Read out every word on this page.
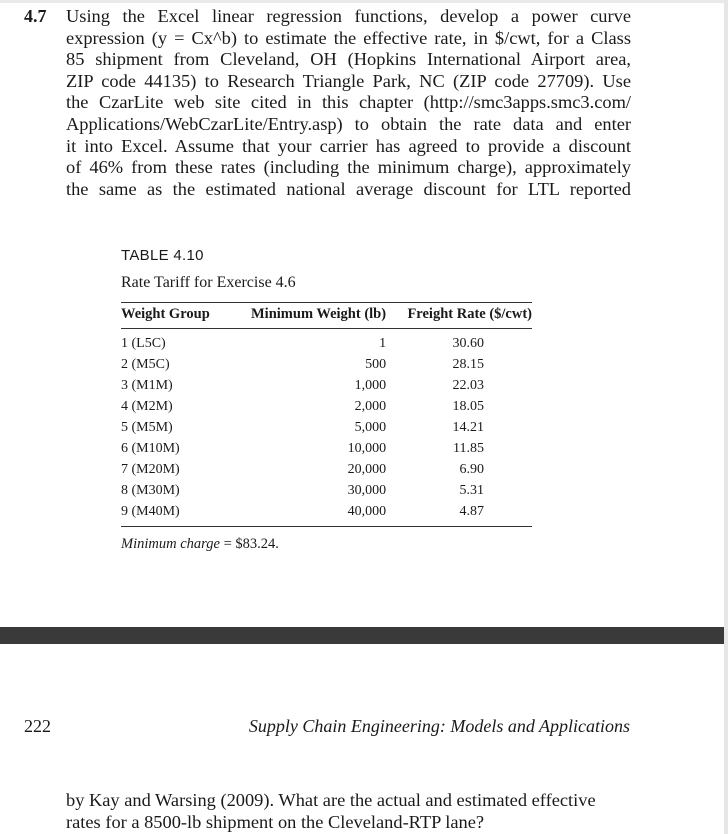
4.7 Using the Excel linear regression functions, develop a power curve
expression (y = Cx^b) to estimate the effective rate, in $/cwt, for a Class
85 shipment from Cleveland, OH (Hopkins International Airport area,
ZIP code 44135) to Research Triangle Park, NC (ZIP code 27709). Use
the CzarLite web site cited in this chapter (http://smc3apps.smc3.com/
Applications/WebCzarLite/Entry.asp) to obtain the rate data and enter
it into Excel. Assume that your carrier has agreed to provide a discount
of 46% from these rates (including the minimum charge), approximately
the same as the estimated national average discount for LTL reported
TABLE 4.10
Rate Tariff for Exercise 4.6
Weight Group	Minimum Weight (lb)	Freight Rate ($/cwt)
1 (L5C)	1	30.60
2 (M5C)	500	28.15
3 (M1M)	1,000	22.03
4 (M2M)	2,000	18.05
5 (M5M)	5,000	14.21
6 (M10M)	10,000	11.85
7 (M20M)	20,000	6.90
8 (M30M)	30,000	5.31
9 (M40M)	40,000	4.87
Minimum charge = $83.24.
222	Supply Chain Engineering: Models and Applications
by Kay and Warsing (2009). What are the actual and estimated effective
rates for a 8500-lb shipment on the Cleveland-RTP lane?
